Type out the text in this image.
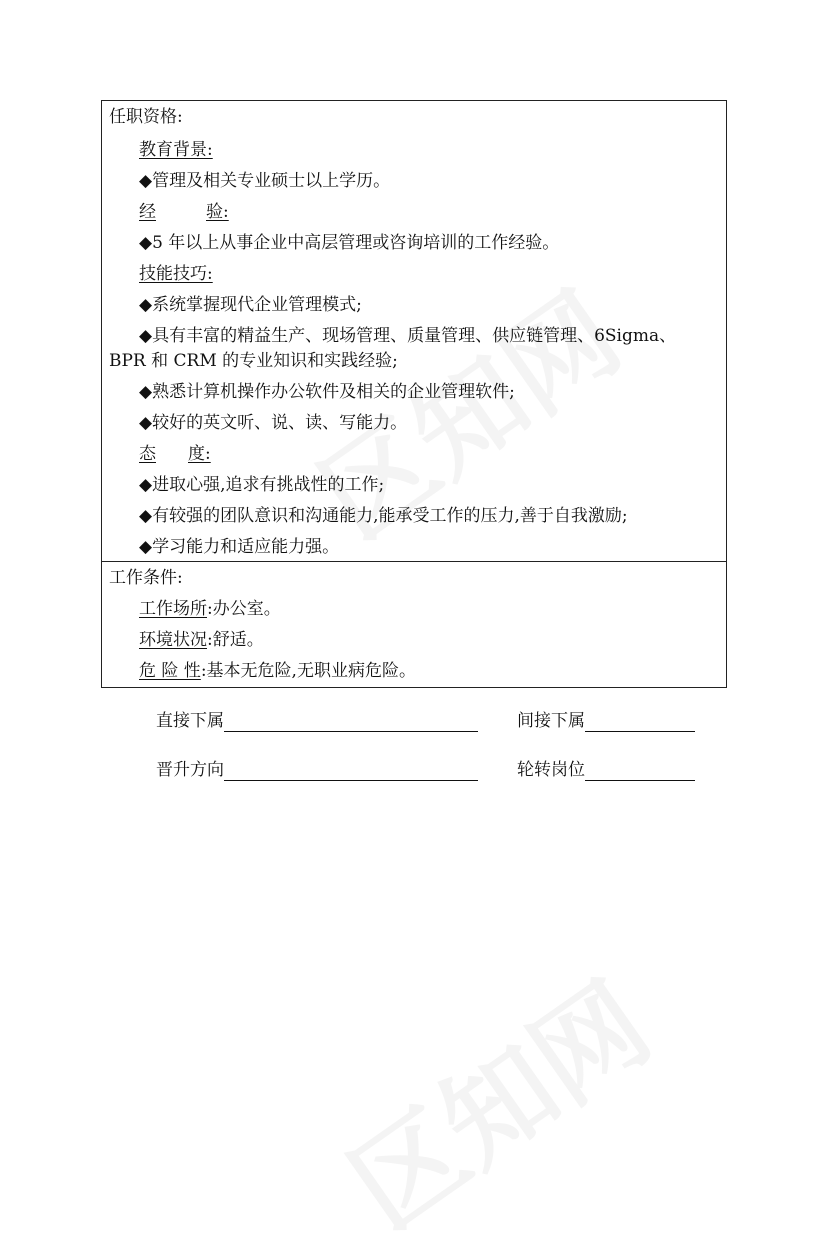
任职资格:
教育背景:
◆管理及相关专业硕士以上学历。
经	验:
◆5 年以上从事企业中高层管理或咨询培训的工作经验。
技能技巧:
◆系统掌握现代企业管理模式;
◆具有丰富的精益生产、现场管理、质量管理、供应链管理、6Sigma、
BPR 和 CRM 的专业知识和实践经验;
◆熟悉计算机操作办公软件及相关的企业管理软件;
◆较好的英文听、说、读、写能力。
态 度:
◆进取心强,追求有挑战性的工作;
◆有较强的团队意识和沟通能力,能承受工作的压力,善于自我激励;
◆学习能力和适应能力强。
工作条件:
工作场所:办公室。
环境状况:舒适。
危 险 性:基本无危险,无职业病危险。
直接下属	间接下属
晋升方向	轮转岗位
